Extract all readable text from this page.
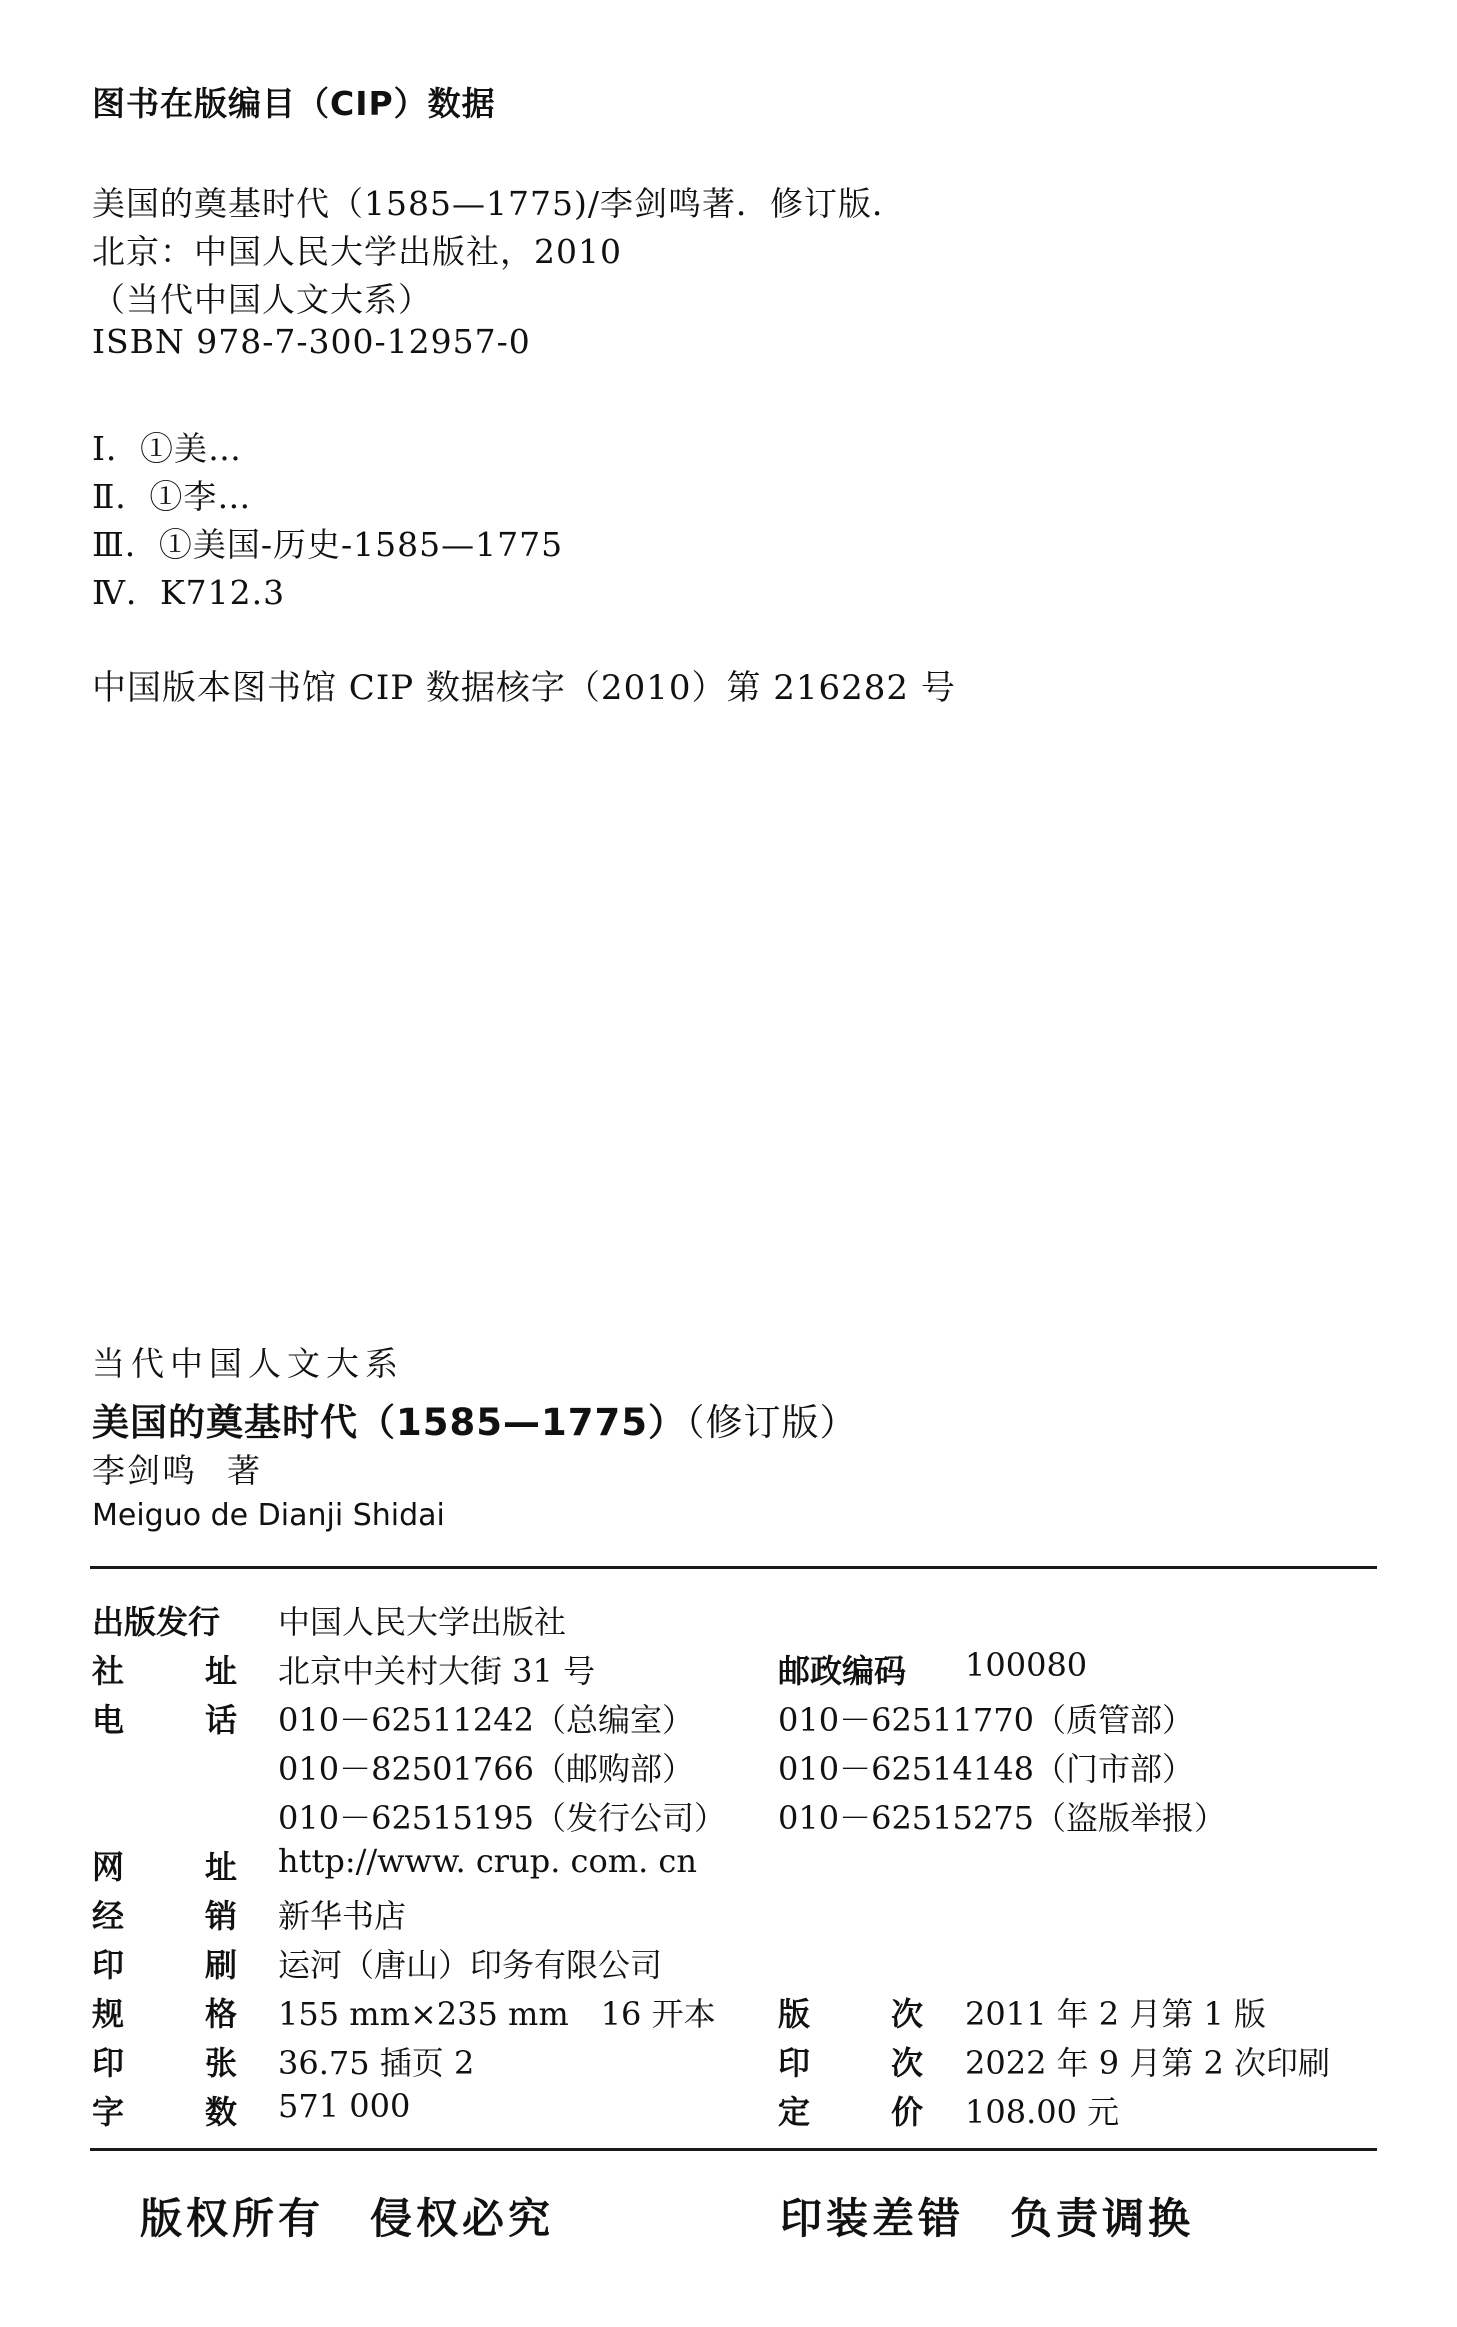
图书在版编目（CIP）数据
美国的奠基时代（1585—1775)/李剑鸣著．修订版．
北京：中国人民大学出版社，2010
（当代中国人文大系）
ISBN 978-7-300-12957-0
Ⅰ．①美…
Ⅱ．①李…
Ⅲ．①美国-历史-1585—1775
Ⅳ．K712.3
中国版本图书馆 CIP 数据核字（2010）第 216282 号
当代中国人文大系
美国的奠基时代（1585—1775）（修订版）
李剑鸣 著
Meiguo de Dianji Shidai
出版发行 中国人民大学出版社
社	址 北京中关村大街 31 号	邮政编码 100080
电	话 010－62511242（总编室）	010－62511770（质管部）
010－82501766（邮购部）	010－62514148（门市部）
010－62515195（发行公司） 010－62515275（盗版举报）
网	址 http://www. crup. com. cn
经	销 新华书店
印	刷 运河（唐山）印务有限公司
规	格 155 mm×235 mm　16 开本 版	次 2011 年 2 月第 1 版
印	张 36.75 插页 2	印	次 2022 年 9 月第 2 次印刷
字	数 571 000	定	价 108.00 元
版权所有　侵权必究	印装差错　负责调换
